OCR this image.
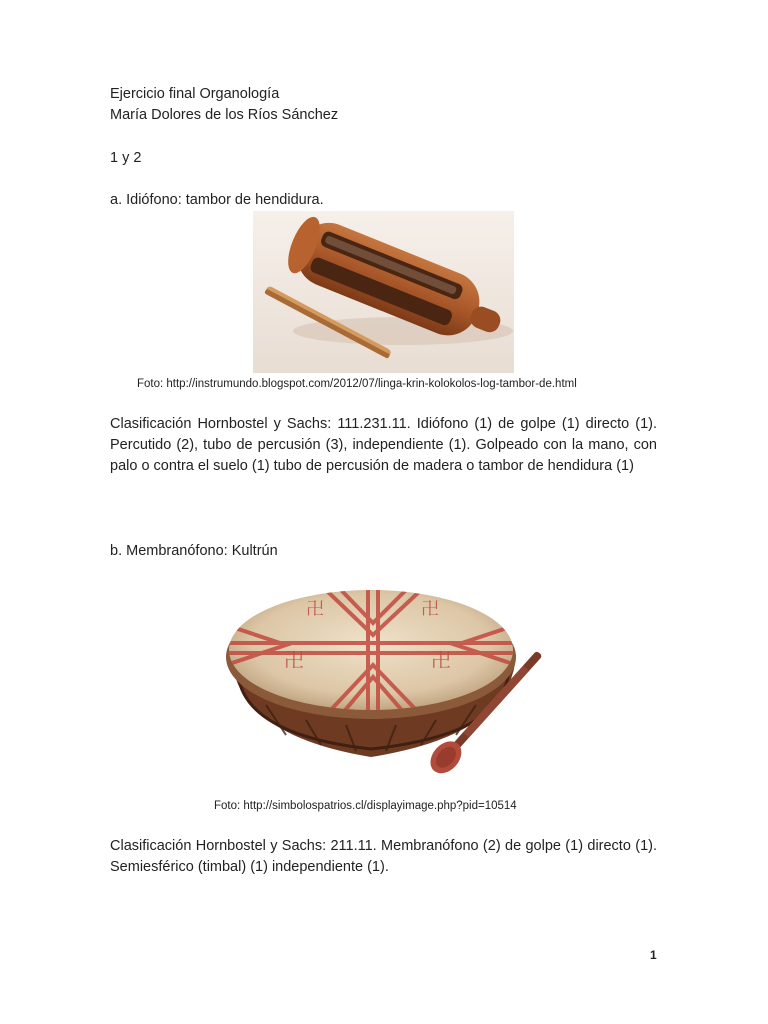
Ejercicio final Organología
María Dolores de los Ríos Sánchez
1 y 2
a. Idiófono: tambor de hendidura.
Foto: http://instrumundo.blogspot.com/2012/07/linga-krin-kolokolos-log-tambor-de.html
Clasificación Hornbostel y Sachs: 111.231.11. Idiófono (1) de golpe (1) directo (1). Percutido (2), tubo de percusión (3), independiente (1). Golpeado con la mano, con palo o contra el suelo (1) tubo de percusión de madera o tambor de hendidura (1)
b. Membranófono: Kultrún
卍	卍
卍	卍
Foto: http://simbolospatrios.cl/displayimage.php?pid=10514
Clasificación Hornbostel y Sachs: 211.11. Membranófono (2) de golpe (1) directo (1). Semiesférico (timbal) (1) independiente (1).
1
